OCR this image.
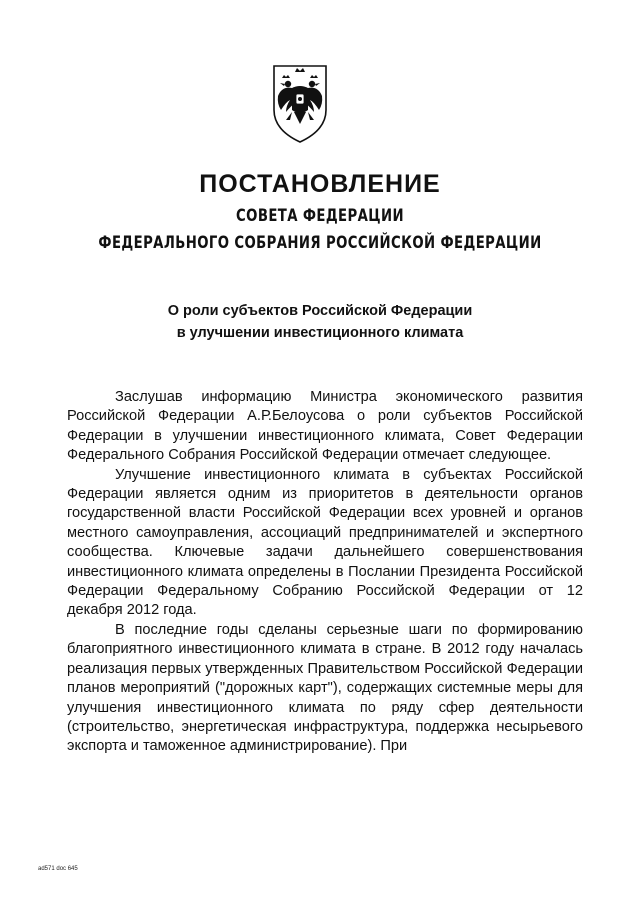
ПОСТАНОВЛЕНИЕ
СОВЕТА ФЕДЕРАЦИИ
ФЕДЕРАЛЬНОГО СОБРАНИЯ РОССИЙСКОЙ ФЕДЕРАЦИИ
О роли субъектов Российской Федерации
в улучшении инвестиционного климата

Заслушав информацию Министра экономического развития Российской Федерации А.Р.Белоусова о роли субъектов Российской Федерации в улучшении инвестиционного климата, Совет Федерации Федерального Собрания Российской Федерации отмечает следующее.

Улучшение инвестиционного климата в субъектах Российской Федерации является одним из приоритетов в деятельности органов государственной власти Российской Федерации всех уровней и органов местного самоуправления, ассоциаций предпринимателей и экспертного сообщества. Ключевые задачи дальнейшего совершенствования инвестиционного климата определены в Послании Президента Российской Федерации Федеральному Собранию Российской Федерации от 12 декабря 2012 года.

В последние годы сделаны серьезные шаги по формированию благоприятного инвестиционного климата в стране. В 2012 году началась реализация первых утвержденных Правительством Российской Федерации планов мероприятий ("дорожных карт"), содержащих системные меры для улучшения инвестиционного климата по ряду сфер деятельности (строительство, энергетическая инфраструктура, поддержка несырьевого экспорта и таможенное администрирование). При

ad571 doc 645
